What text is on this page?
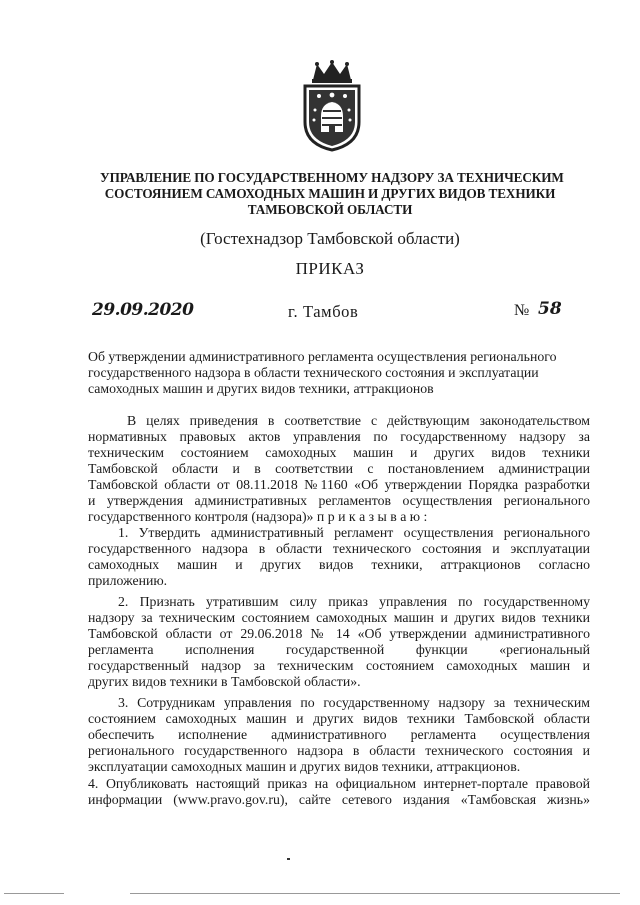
УПРАВЛЕНИЕ ПО ГОСУДАРСТВЕННОМУ НАДЗОРУ ЗА ТЕХНИЧЕСКИМ
СОСТОЯНИЕМ САМОХОДНЫХ МАШИН И ДРУГИХ ВИДОВ ТЕХНИКИ
ТАМБОВСКОЙ ОБЛАСТИ
(Гостехнадзор Тамбовской области)
ПРИКАЗ
29.09.2020	г. Тамбов	№ 58
Об утверждении административного регламента осуществления регионального
государственного надзора в области технического состояния и эксплуатации
самоходных машин и других видов техники, аттракционов
В целях приведения в соответствие с действующим законодательством
нормативных правовых актов управления по государственному надзору за
техническим состоянием самоходных машин и других видов техники
Тамбовской области и в соответствии с постановлением администрации
Тамбовской области от 08.11.2018 №1160 «Об утверждении Порядка разработки
и утверждения административных регламентов осуществления регионального
государственного контроля (надзора)» п р и к а з ы в а ю :
1. Утвердить административный регламент осуществления регионального
государственного надзора в области технического состояния и эксплуатации
самоходных машин и других видов техники, аттракционов согласно
приложению.
2. Признать утратившим силу приказ управления по государственному
надзору за техническим состоянием самоходных машин и других видов техники
Тамбовской области от 29.06.2018 № 14 «Об утверждении административного
регламента исполнения государственной функции «региональный
государственный надзор за техническим состоянием самоходных машин и
других видов техники в Тамбовской области».
3. Сотрудникам управления по государственному надзору за техническим
состоянием самоходных машин и других видов техники Тамбовской области
обеспечить исполнение административного регламента осуществления
регионального государственного надзора в области технического состояния и
эксплуатации самоходных машин и других видов техники, аттракционов.
4. Опубликовать настоящий приказ на официальном интернет-портале правовой
информации (www.pravo.gov.ru), сайте сетевого издания «Тамбовская жизнь»
